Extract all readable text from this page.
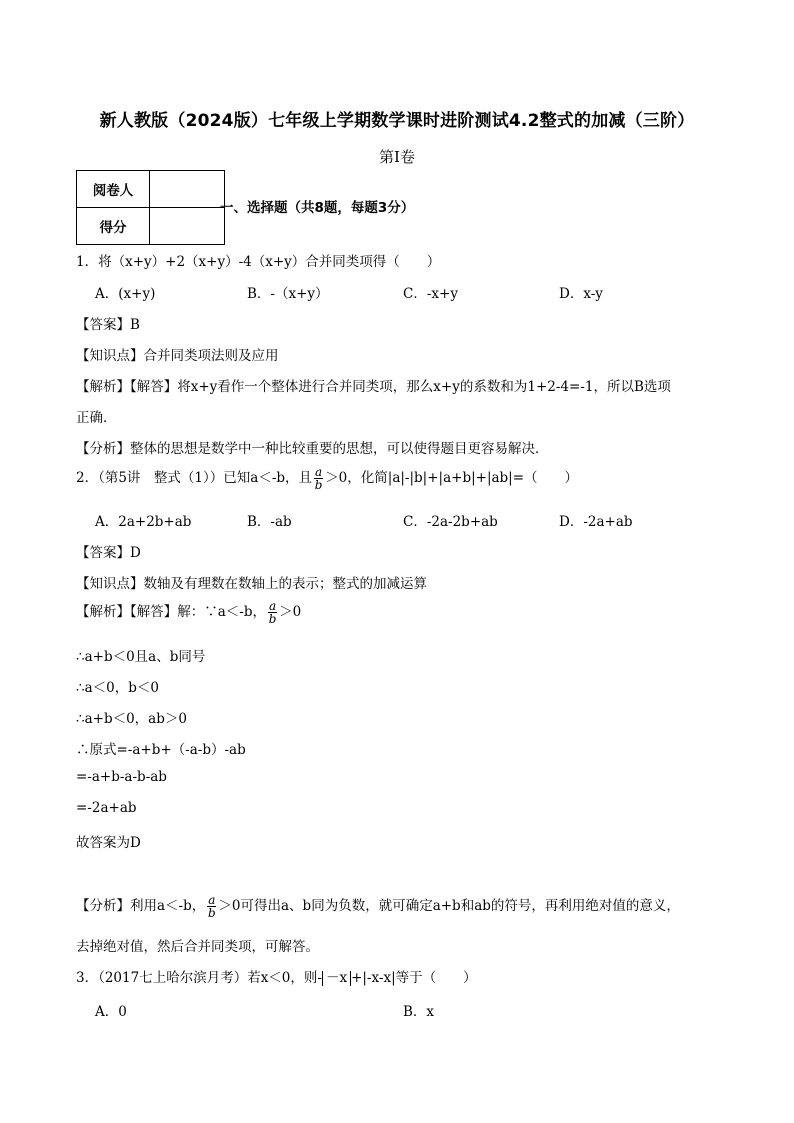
新人教版（2024版）七年级上学期数学课时进阶测试4.2整式的加减（三阶）
第Ⅰ卷
阅卷人	
得分	
一、选择题（共8题，每题3分）
1．将（x+y）+2（x+y）-4（x+y）合并同类项得（　　）
A．(x+y)	B．-（x+y）	C．-x+y	D．x-y
【答案】B
【知识点】合并同类项法则及应用
【解析】【解答】将x+y看作一个整体进行合并同类项，那么x+y的系数和为1+2-4=-1，所以B选项
正确．
【分析】整体的思想是数学中一种比较重要的思想，可以使得题目更容易解决．
2．（第5讲　整式（1））已知a＜-b，且 $\frac{a}{b} >0$，化简|a|-|b|+|a+b|+|ab|=（　　）
A．2a+2b+ab	B．-ab	C．-2a-2b+ab	D．-2a+ab
【答案】D
【知识点】数轴及有理数在数轴上的表示；整式的加减运算
【解析】【解答】解：∵a＜-b， $\frac{a}{b} >0$
∴a+b＜0且a、b同号
∴a＜0，b＜0
∴a+b＜0，ab＞0
∴原式=-a+b+（-a-b）-ab
=-a+b-a-b-ab
=-2a+ab
故答案为D
【分析】利用a＜-b， $\frac{a}{b} >0$可得出a、b同为负数，就可确定a+b和ab的符号，再利用绝对值的意义，
去掉绝对值，然后合并同类项，可解答。
3．（2017七上哈尔滨月考）若x＜0，则- －x +|-x-x|等于（　　）
A．0	B．x
